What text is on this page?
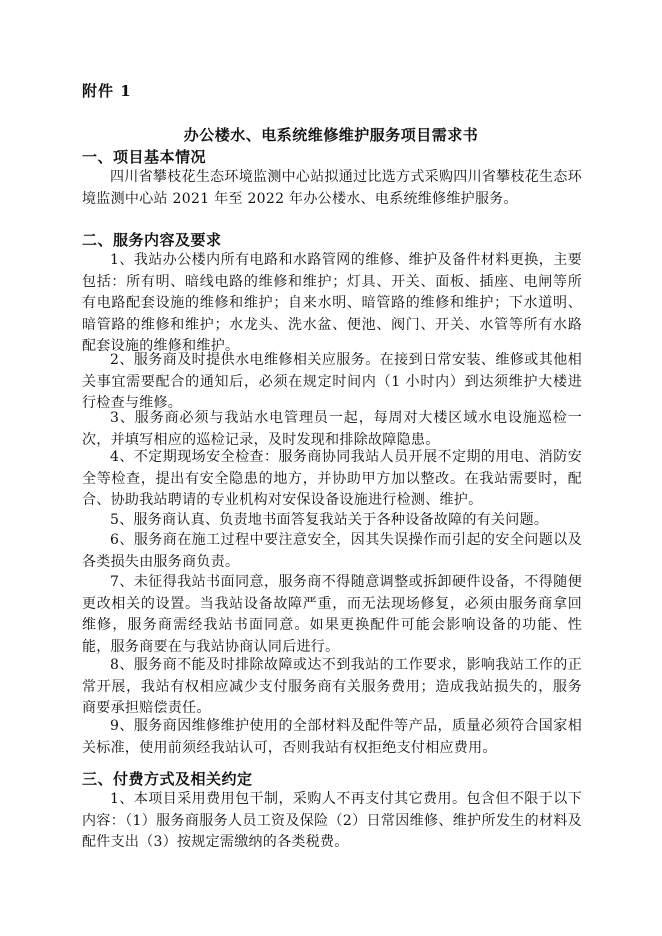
附件 1
办公楼水、电系统维修维护服务项目需求书
一、项目基本情况
四川省攀枝花生态环境监测中心站拟通过比选方式采购四川省攀枝花生态环境监测中心站 2021 年至 2022 年办公楼水、电系统维修维护服务。
二、服务内容及要求
1、我站办公楼内所有电路和水路管网的维修、维护及备件材料更换，主要包括：所有明、暗线电路的维修和维护；灯具、开关、面板、插座、电闸等所有电路配套设施的维修和维护；自来水明、暗管路的维修和维护；下水道明、暗管路的维修和维护；水龙头、洗水盆、便池、阀门、开关、水管等所有水路配套设施的维修和维护。
2、服务商及时提供水电维修相关应服务。在接到日常安装、维修或其他相关事宜需要配合的通知后，必须在规定时间内（1 小时内）到达须维护大楼进行检查与维修。
3、服务商必须与我站水电管理员一起，每周对大楼区域水电设施巡检一次，并填写相应的巡检记录，及时发现和排除故障隐患。
4、不定期现场安全检查：服务商协同我站人员开展不定期的用电、消防安全等检查，提出有安全隐患的地方，并协助甲方加以整改。在我站需要时，配合、协助我站聘请的专业机构对安保设备设施进行检测、维护。
5、服务商认真、负责地书面答复我站关于各种设备故障的有关问题。
6、服务商在施工过程中要注意安全，因其失误操作而引起的安全问题以及各类损失由服务商负责。
7、未征得我站书面同意，服务商不得随意调整或拆卸硬件设备，不得随便更改相关的设置。当我站设备故障严重，而无法现场修复，必须由服务商拿回维修，服务商需经我站书面同意。如果更换配件可能会影响设备的功能、性能，服务商要在与我站协商认同后进行。
8、服务商不能及时排除故障或达不到我站的工作要求，影响我站工作的正常开展，我站有权相应减少支付服务商有关服务费用；造成我站损失的，服务商要承担赔偿责任。
9、服务商因维修维护使用的全部材料及配件等产品，质量必须符合国家相关标准，使用前须经我站认可，否则我站有权拒绝支付相应费用。
三、付费方式及相关约定
1、本项目采用费用包干制，采购人不再支付其它费用。包含但不限于以下内容：（1）服务商服务人员工资及保险（2）日常因维修、维护所发生的材料及配件支出（3）按规定需缴纳的各类税费。
